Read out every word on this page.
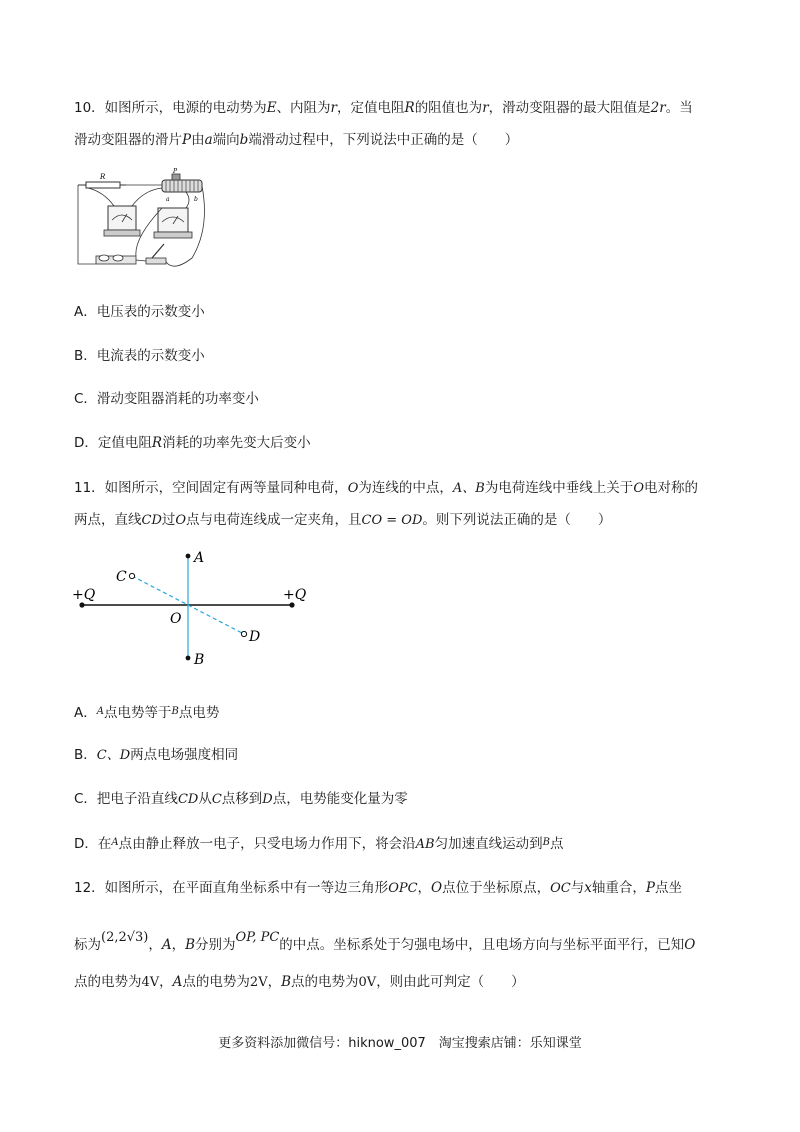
10．如图所示，电源的电动势为E、内阻为r，定值电阻R的阻值也为r，滑动变阻器的最大阻值是2r。当
滑动变阻器的滑片P由a端向b端滑动过程中，下列说法中正确的是（　　）
R
P
a	b
A．电压表的示数变小
B．电流表的示数变小
C．滑动变阻器消耗的功率变小
D．定值电阻R消耗的功率先变大后变小
11．如图所示，空间固定有两等量同种电荷，O为连线的中点，A、B为电荷连线中垂线上关于O电对称的
两点，直线CD过O点与电荷连线成一定夹角，且CO = OD。则下列说法正确的是（　　）
+Q	+Q
A
B
C
D
O
A．$^A$点电势等于$^B$点电势
B．C、D两点电场强度相同
C．把电子沿直线CD从C点移到D点，电势能变化量为零
D．在$^A$点由静止释放一电子，只受电场力作用下，将会沿AB匀加速直线运动到$^B$点
12．如图所示，在平面直角坐标系中有一等边三角形OPC，O点位于坐标原点，OC与x轴重合，P点坐
标为(2,2√3)，A，B分别为OP, PC的中点。坐标系处于匀强电场中，且电场方向与坐标平面平行，已知O
点的电势为4V，A点的电势为2V，B点的电势为0V，则由此可判定（　　）
更多资料添加微信号：hiknow_007　淘宝搜索店铺：乐知课堂
